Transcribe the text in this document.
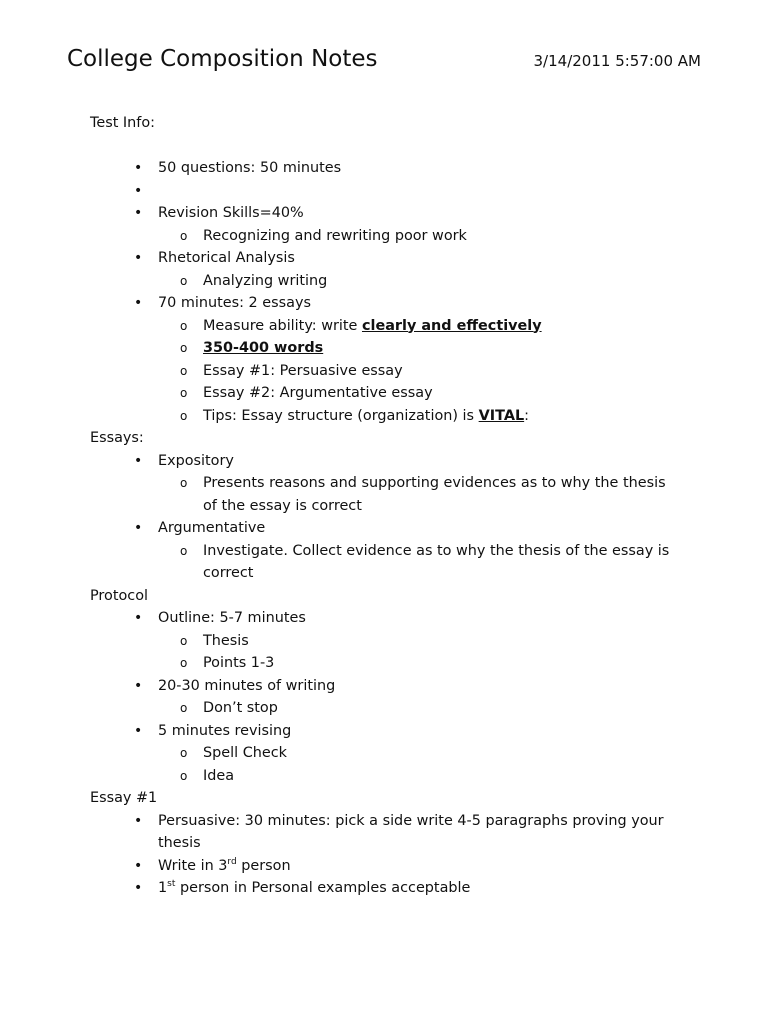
College Composition Notes	3/14/2011 5:57:00 AM
Test Info:
• 50 questions: 50 minutes
•
• Revision Skills=40%
o Recognizing and rewriting poor work
• Rhetorical Analysis
o Analyzing writing
• 70 minutes: 2 essays
o Measure ability: write clearly and effectively
o 350-400 words
o Essay #1: Persuasive essay
o Essay #2: Argumentative essay
o Tips: Essay structure (organization) is VITAL:
Essays:
• Expository
o Presents reasons and supporting evidences as to why the thesis of the essay is correct
• Argumentative
o Investigate. Collect evidence as to why the thesis of the essay is correct
Protocol
• Outline: 5-7 minutes
o Thesis
o Points 1-3
• 20-30 minutes of writing
o Don’t stop
• 5 minutes revising
o Spell Check
o Idea
Essay #1
• Persuasive: 30 minutes: pick a side write 4-5 paragraphs proving your thesis
• Write in 3rd person
• 1st person in Personal examples acceptable
